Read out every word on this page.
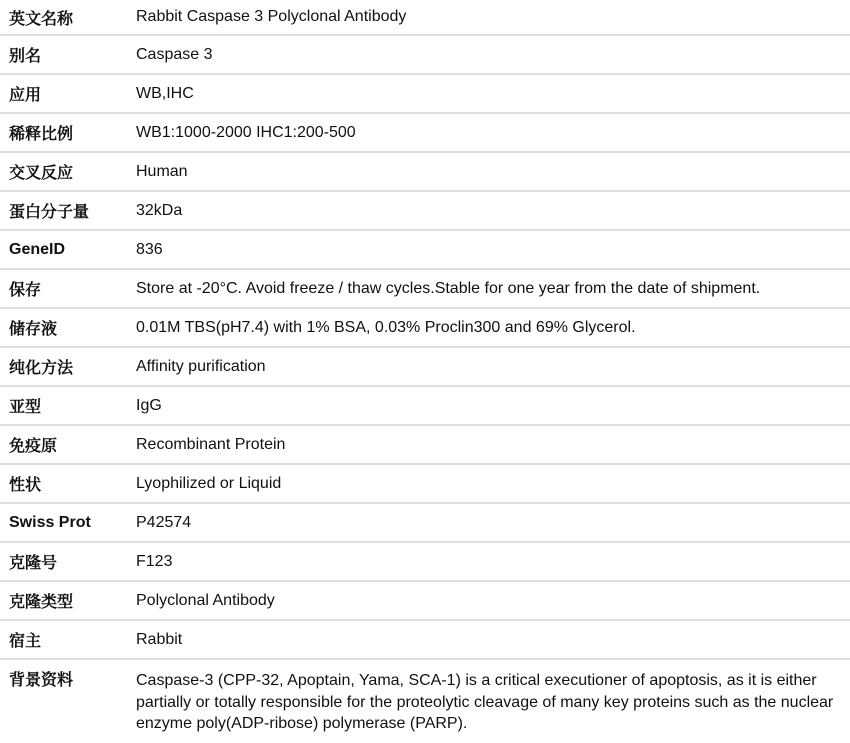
英文名称	Rabbit Caspase 3 Polyclonal Antibody
别名	Caspase 3
应用	WB,IHC
稀释比例	WB1:1000-2000 IHC1:200-500
交叉反应	Human
蛋白分子量	32kDa
GeneID	836
保存	Store at -20°C. Avoid freeze / thaw cycles.Stable for one year from the date of shipment.
储存液	0.01M TBS(pH7.4) with 1% BSA, 0.03% Proclin300 and 69% Glycerol.
纯化方法	Affinity purification
亚型	IgG
免疫原	Recombinant Protein
性状	Lyophilized or Liquid
Swiss Prot	P42574
克隆号	F123
克隆类型	Polyclonal Antibody
宿主	Rabbit
背景资料	Caspase-3 (CPP-32, Apoptain, Yama, SCA-1) is a critical executioner of apoptosis, as it is either partially or totally responsible for the proteolytic cleavage of many key proteins such as the nuclear enzyme poly(ADP-ribose) polymerase (PARP).
